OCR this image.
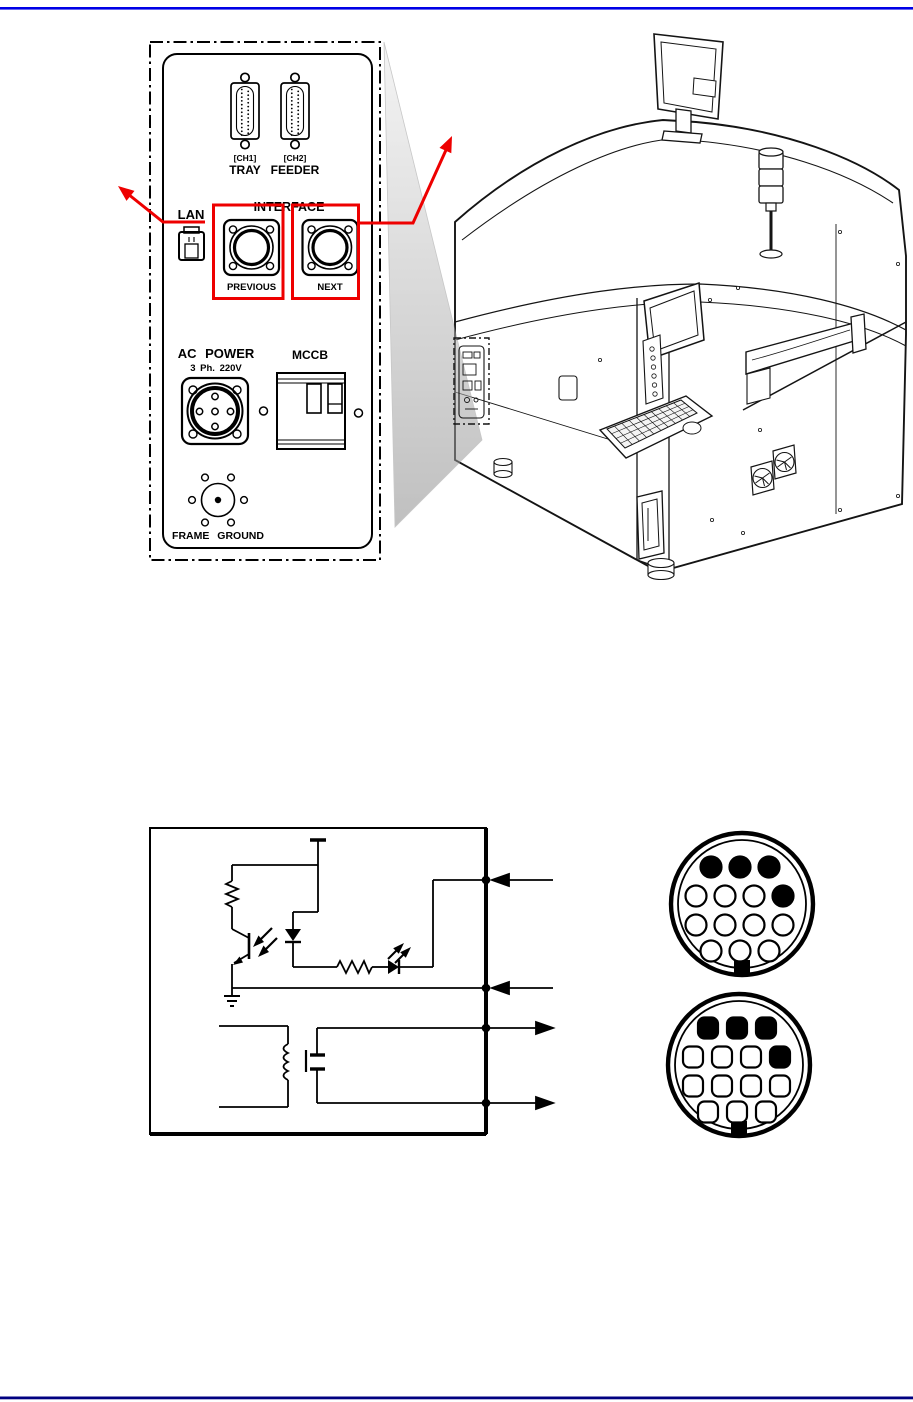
[CH1]	[CH2]
TRAY FEEDER
INTERFACE
LAN
PREVIOUS	NEXT
AC POWER
3 Ph. 220V
MCCB
FRAME GROUND
